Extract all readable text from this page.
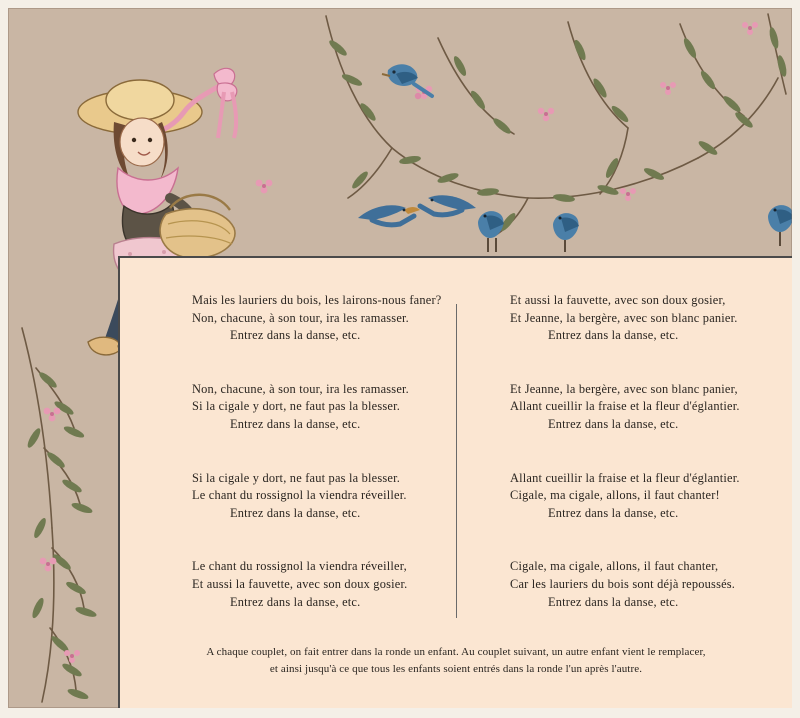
Mais les lauriers du bois, les lairons-nous faner?
Non, chacune, à son tour, ira les ramasser.
Entrez dans la danse, etc.
Non, chacune, à son tour, ira les ramasser.
Si la cigale y dort, ne faut pas la blesser.
Entrez dans la danse, etc.
Si la cigale y dort, ne faut pas la blesser.
Le chant du rossignol la viendra réveiller.
Entrez dans la danse, etc.
Le chant du rossignol la viendra réveiller,
Et aussi la fauvette, avec son doux gosier.
Entrez dans la danse, etc.
Et aussi la fauvette, avec son doux gosier,
Et Jeanne, la bergère, avec son blanc panier.
Entrez dans la danse, etc.
Et Jeanne, la bergère, avec son blanc panier,
Allant cueillir la fraise et la fleur d'églantier.
Entrez dans la danse, etc.
Allant cueillir la fraise et la fleur d'églantier.
Cigale, ma cigale, allons, il faut chanter!
Entrez dans la danse, etc.
Cigale, ma cigale, allons, il faut chanter,
Car les lauriers du bois sont déjà repoussés.
Entrez dans la danse, etc.
A chaque couplet, on fait entrer dans la ronde un enfant. Au couplet suivant, un autre enfant vient le remplacer,
et ainsi jusqu'à ce que tous les enfants soient entrés dans la ronde l'un après l'autre.
